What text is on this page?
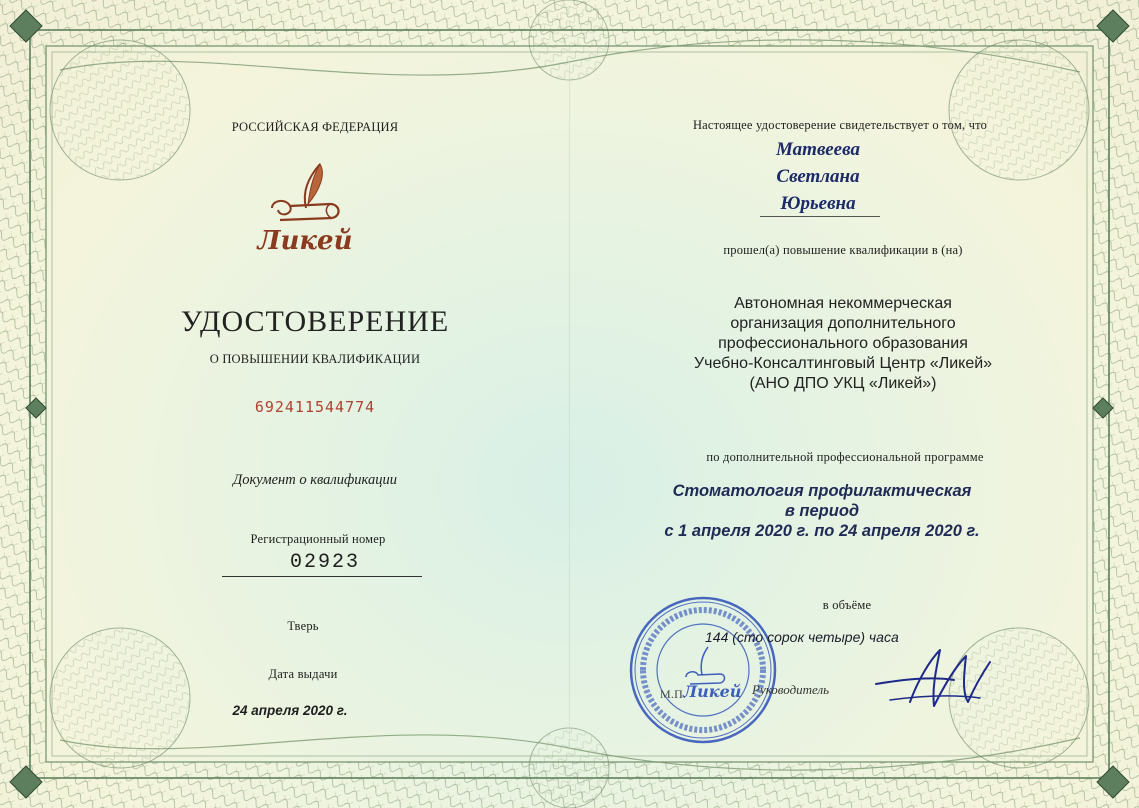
РОССИЙСКАЯ ФЕДЕРАЦИЯ
Ликей
УДОСТОВЕРЕНИЕ
О ПОВЫШЕНИИ КВАЛИФИКАЦИИ
692411544774
Документ о квалификации
Регистрационный номер
02923
Тверь
Дата выдачи
24 апреля 2020 г.
Настоящее удостоверение свидетельствует о том, что
Матвеева
Светлана
Юрьевна
прошел(а) повышение квалификации в (на)
Автономная некоммерческая
организация дополнительного
профессионального образования
Учебно-Консалтинговый Центр «Ликей»
(АНО ДПО УКЦ «Ликей»)
по дополнительной профессиональной программе
Стоматология профилактическая
в период
с 1 апреля 2020 г. по 24 апреля 2020 г.
в объёме
Ликей
144 (сто сорок четыре) часа
М.П.	Руководитель
